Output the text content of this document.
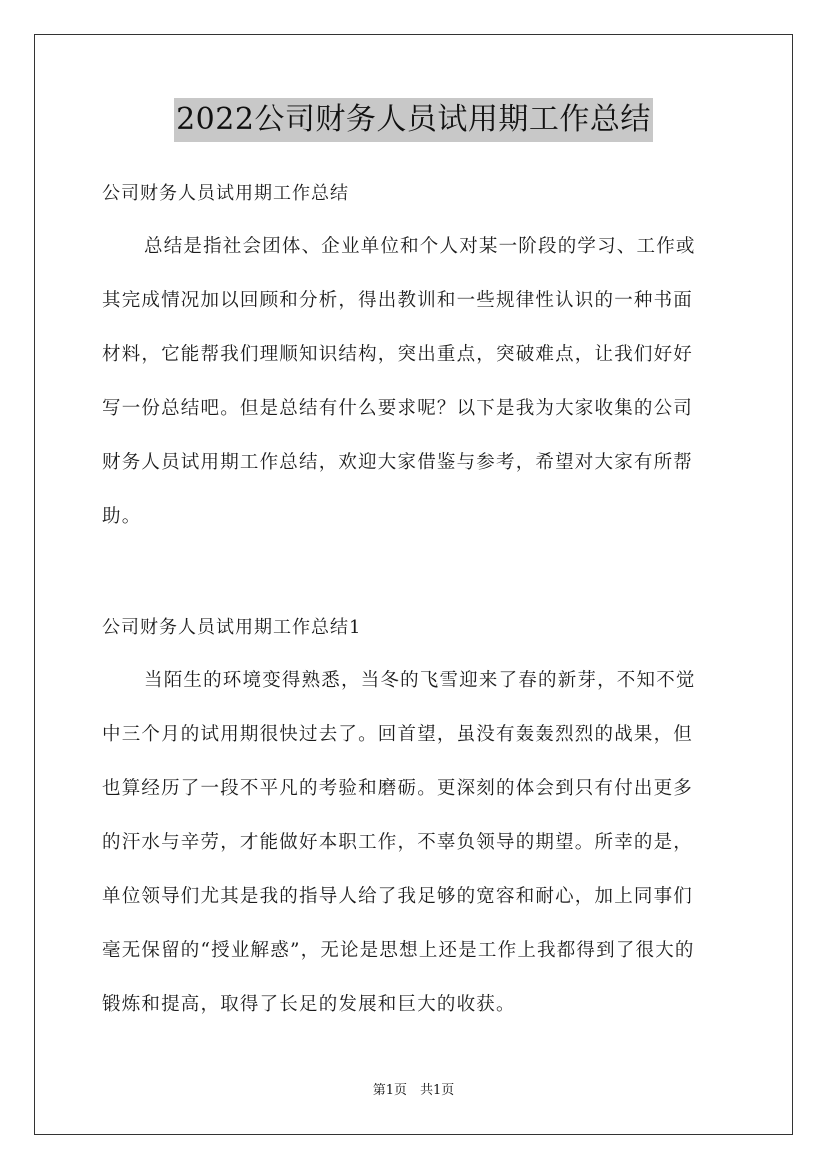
2022公司财务人员试用期工作总结
公司财务人员试用期工作总结
总结是指社会团体、企业单位和个人对某一阶段的学习、工作或
其完成情况加以回顾和分析，得出教训和一些规律性认识的一种书面
材料，它能帮我们理顺知识结构，突出重点，突破难点，让我们好好
写一份总结吧。但是总结有什么要求呢？以下是我为大家收集的公司
财务人员试用期工作总结，欢迎大家借鉴与参考，希望对大家有所帮
助。
公司财务人员试用期工作总结1
当陌生的环境变得熟悉，当冬的飞雪迎来了春的新芽，不知不觉
中三个月的试用期很快过去了。回首望，虽没有轰轰烈烈的战果，但
也算经历了一段不平凡的考验和磨砺。更深刻的体会到只有付出更多
的汗水与辛劳，才能做好本职工作，不辜负领导的期望。所幸的是，
单位领导们尤其是我的指导人给了我足够的宽容和耐心，加上同事们
毫无保留的“授业解惑”，无论是思想上还是工作上我都得到了很大的
锻炼和提高，取得了长足的发展和巨大的收获。
第1页　共1页
